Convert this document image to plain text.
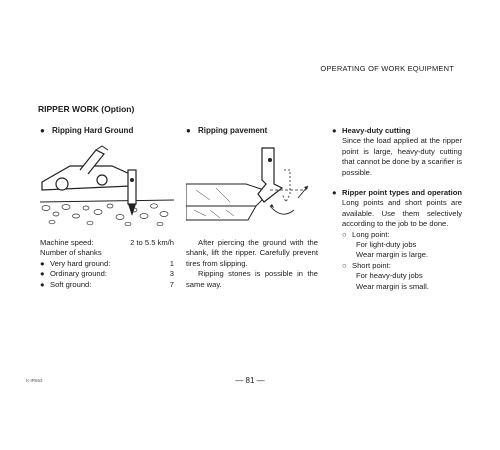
OPERATING OF WORK EQUIPMENT
RIPPER WORK (Option)
● Ripping Hard Ground	● Ripping pavement
Machine speed:	2 to 5.5 km/h
Number of shanks
● Very hard ground:	1
● Ordinary ground:	3
● Soft ground:	7

After piercing the ground with the shank, lift the ripper. Carefully prevent tires from slipping.

Ripping stones is possible in the same way.

● Heavy-duty cutting
Since the load applied at the ripper point is large, heavy-duty cutting that cannot be done by a scarifier is possible.
● Ripper point types and operation
Long points and short points are available. Use them selectively according to the job to be done.
○ Long point:
For light-duty jobs
Wear margin is large.
○ Short point:
For heavy-duty jobs
Wear margin is small.
— 81 —
K-IR563
